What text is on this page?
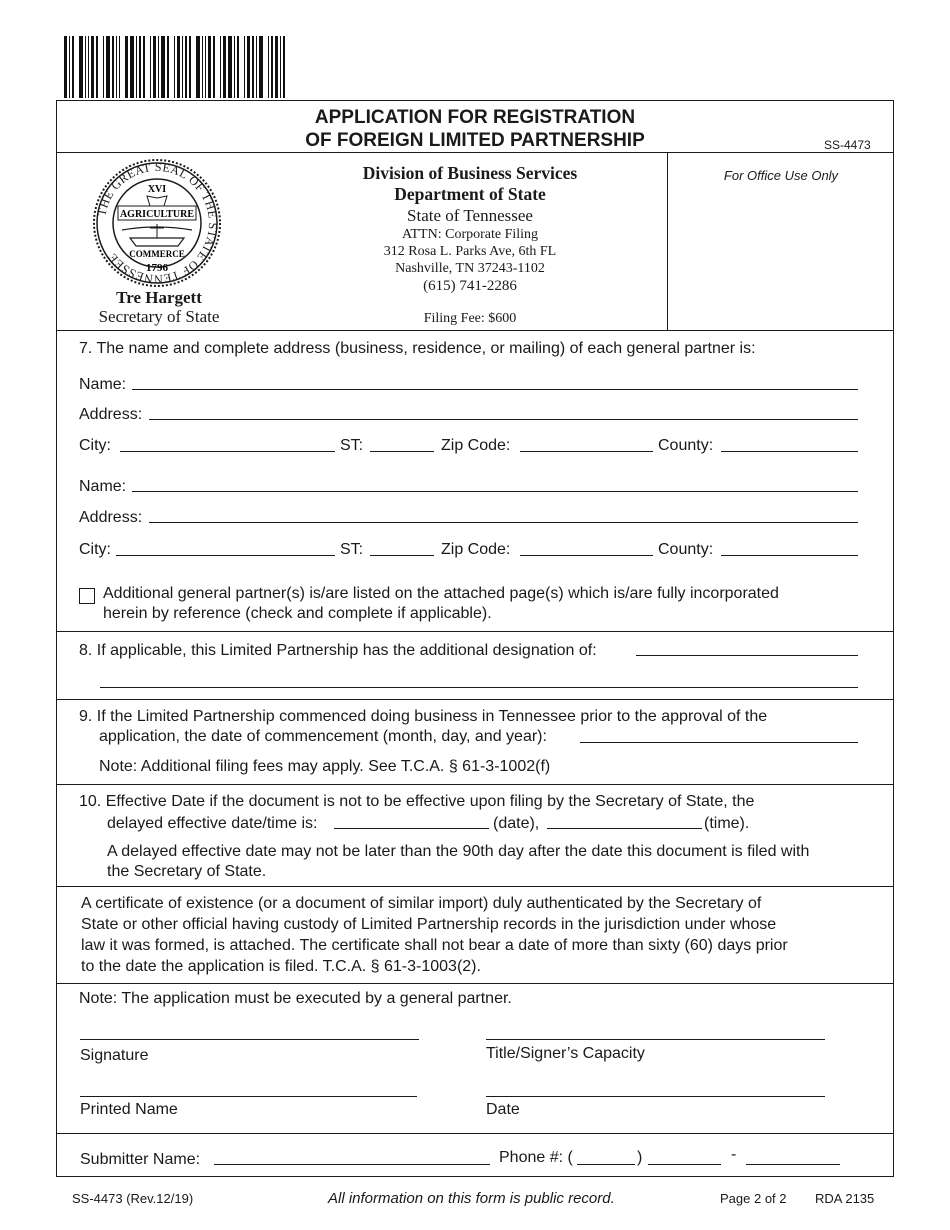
APPLICATION FOR REGISTRATION
OF FOREIGN LIMITED PARTNERSHIP	SS-4473
THE GREAT SEAL OF THE STATE OF TENNESSEE
XVI
AGRICULTURE
COMMERCE
1796
Tre Hargett
Secretary of State
Division of Business Services
Department of State
State of Tennessee
ATTN: Corporate Filing
312 Rosa L. Parks Ave, 6th FL
Nashville, TN 37243-1102
(615) 741-2286
Filing Fee: $600
For Office Use Only
7. The name and complete address (business, residence, or mailing) of each general partner is:
Name:
Address:
City:	ST:	Zip Code:	County:
Name:
Address:
City:	ST:	Zip Code:	County:
Additional general partner(s) is/are listed on the attached page(s) which is/are fully incorporated
herein by reference (check and complete if applicable).
8. If applicable, this Limited Partnership has the additional designation of:
9. If the Limited Partnership commenced doing business in Tennessee prior to the approval of the
application, the date of commencement (month, day, and year):
Note: Additional filing fees may apply. See T.C.A. § 61-3-1002(f)
10. Effective Date if the document is not to be effective upon filing by the Secretary of State, the
delayed effective date/time is:	(date),	(time).
A delayed effective date may not be later than the 90th day after the date this document is filed with
the Secretary of State.
A certificate of existence (or a document of similar import) duly authenticated by the Secretary of
State or other official having custody of Limited Partnership records in the jurisdiction under whose
law it was formed, is attached. The certificate shall not bear a date of more than sixty (60) days prior
to the date the application is filed. T.C.A. § 61-3-1003(2).
Note: The application must be executed by a general partner.
Signature	Title/Signer’s Capacity
Printed Name	Date
Submitter Name:	Phone #: (	)	-
SS-4473 (Rev.12/19)	All information on this form is public record.	Page 2 of 2 RDA 2135
